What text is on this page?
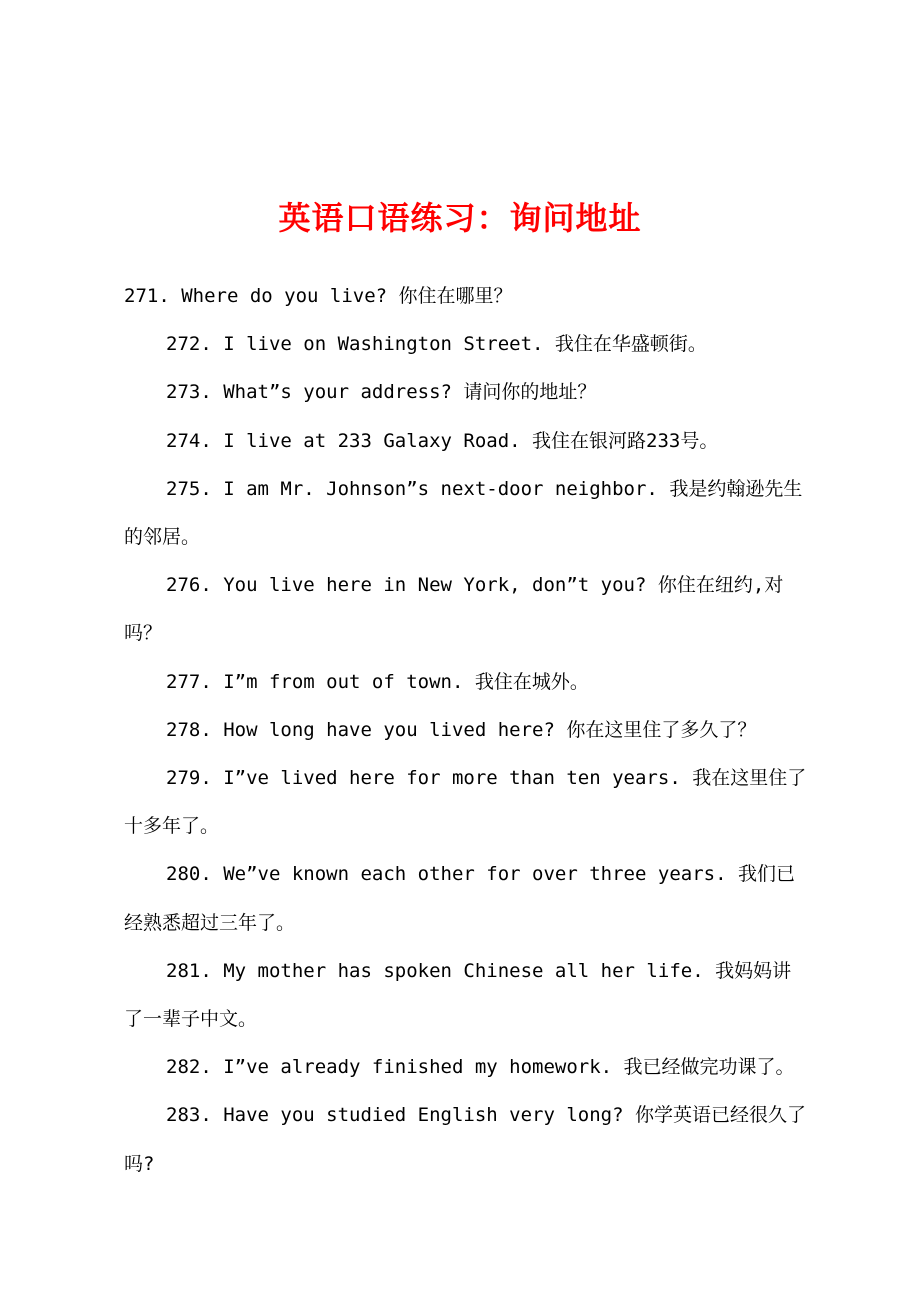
英语口语练习：询问地址

271. Where do you live? 你住在哪里？

272. I live on Washington Street. 我住在华盛顿街。

273. What”s your address? 请问你的地址？

274. I live at 233 Galaxy Road. 我住在银河路233号。

275. I am Mr. Johnson”s next-door neighbor. 我是约翰逊先生的邻居。

276. You live here in New York, don”t you? 你住在纽约,对吗？

277. I”m from out of town. 我住在城外。

278. How long have you lived here? 你在这里住了多久了？

279. I”ve lived here for more than ten years. 我在这里住了十多年了。

280. We”ve known each other for over three years. 我们已经熟悉超过三年了。

281. My mother has spoken Chinese all her life. 我妈妈讲了一辈子中文。

282. I”ve already finished my homework. 我已经做完功课了。

283. Have you studied English very long? 你学英语已经很久了吗?
